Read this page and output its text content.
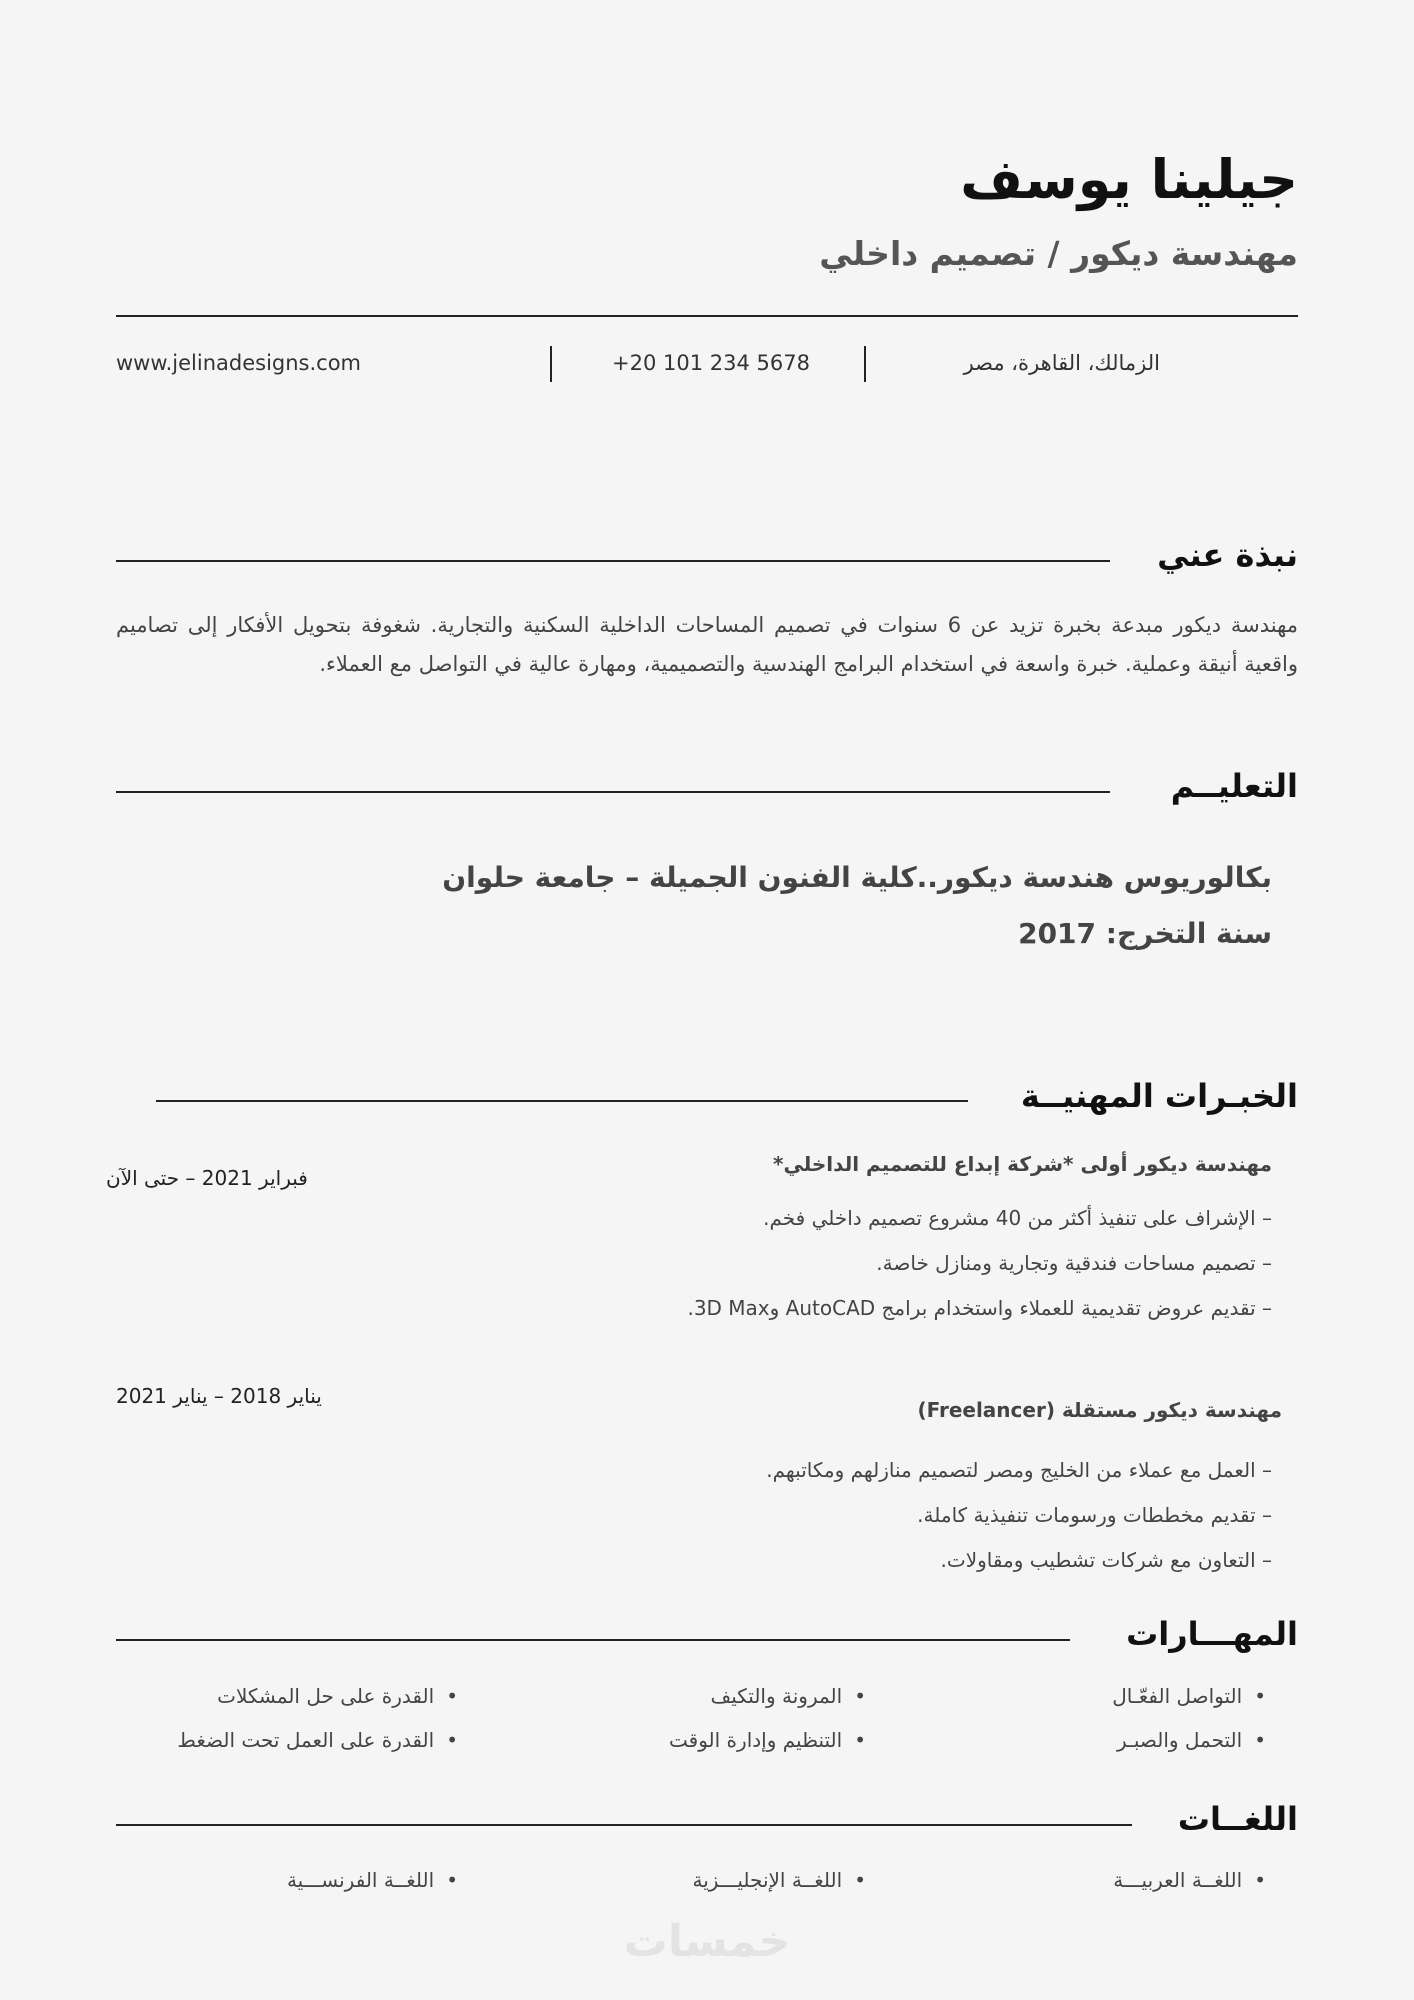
جيلينا يوسف
مهندسة ديكور / تصميم داخلي
الزمالك، القاهرة، مصر
+20 101 234 5678
www.jelinadesigns.com
نبذة عني

مهندسة ديكور مبدعة بخبرة تزيد عن 6 سنوات في تصميم المساحات الداخلية السكنية والتجارية. شغوفة بتحويل الأفكار إلى تصاميم واقعية أنيقة وعملية. خبرة واسعة في استخدام البرامج الهندسية والتصميمية، ومهارة عالية في التواصل مع العملاء.

التعليــم
بكالوريوس هندسة ديكور..كلية الفنون الجميلة – جامعة حلوان
سنة التخرج: 2017
الخبـرات المهنيــة
مهندسة ديكور أولى *شركة إبداع للتصميم الداخلي*
فبراير 2021 – حتى الآن
– الإشراف على تنفيذ أكثر من 40 مشروع تصميم داخلي فخم.
– تصميم مساحات فندقية وتجارية ومنازل خاصة.
– تقديم عروض تقديمية للعملاء واستخدام برامج AutoCAD و3D Max.
يناير 2018 – يناير 2021
مهندسة ديكور مستقلة (Freelancer)
– العمل مع عملاء من الخليج ومصر لتصميم منازلهم ومكاتبهم.
– تقديم مخططات ورسومات تنفيذية كاملة.
– التعاون مع شركات تشطيب ومقاولات.
المهـــارات
•التواصل الفعّـال
•المرونة والتكيف
•القدرة على حل المشكلات
•التحمل والصبـر
•التنظيم وإدارة الوقت
•القدرة على العمل تحت الضغط
اللغــات
•اللغــة العربيـــة
•اللغــة الإنجليـــزية
•اللغــة الفرنســـية
خمسات
